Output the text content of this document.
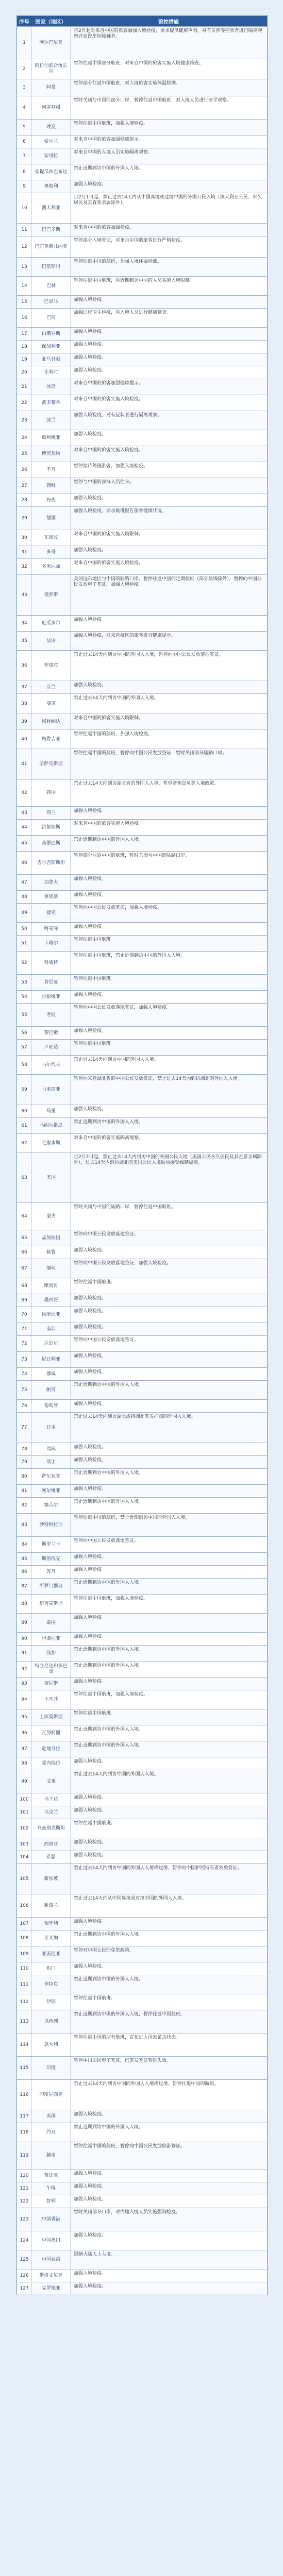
序号	国家（地区）	管控措施
1	阿尔巴尼亚
自2月起对来自中国的旅客加强入境检疫，要求提供健康声明，对有发热等症状者进行隔离观察并追踪密切接触者。
2
阿拉伯联合酋长国
暂停往返中国部分航班，对来自中国的旅客实施入境健康筛查。
3	阿曼
暂停部分往返中国航班，对入境旅客实施体温检测。
4	阿塞拜疆
暂时关闭与中国的部分口岸，暂停往返中国航班，对入境人员进行医学观察。
5	埃及
暂停往返中国航班，加强入境检疫。
6	爱尔兰	对来自中国的旅客加强健康提示。
7	安哥拉
对来自中国的入境人员实施隔离观察。
8	安提瓜和巴布达
禁止近期到访中国的外国人入境。
9	奥地利	加强入境检疫。
10	澳大利亚
自2月1日起，禁止过去14天内从中国离境或过境中国的外国公民入境（澳大利亚公民、永久居民及其直系亲属除外）。
11	巴巴多斯	对来自中国的旅客加强检疫。
12	巴布亚新几内亚
暂停部分入境签证，对来自中国的旅客进行严格检疫。
13	巴基斯坦
暂停往返中国的航班，加强入境体温检测。
14	巴林
暂停往返中国航班，对近期到访中国的人员实施入境限制。
15	巴拿马	加强入境检疫。
16	巴西
加强口岸卫生检疫，对入境人员进行健康筛查。
17	白俄罗斯	加强入境检疫。
18	保加利亚	加强入境检疫。
19	北马其顿	加强入境检疫。
20	比利时	加强入境检疫。
21	冰岛
对来自中国的旅客加强健康提示。
22	波多黎各
对来自中国的旅客实施入境检疫。
23	波兰
加强入境检疫，对有症状者进行隔离观察。
24	玻利维亚
加强入境检疫。
25	博茨瓦纳
对来自中国的旅客实施入境检疫。
26	不丹
暂停接待外国游客，加强入境检疫。
27	朝鲜
暂停与中国的部分人员往来。
28	丹麦	加强入境检疫。
29	德国
加强入境检疫，要求航班报告旅客健康状况。
30	东帝汶
对来自中国的旅客实施入境限制。
31	多哥	加强入境检疫。
32	多米尼加
对来自中国的旅客实施入境检疫。
33	俄罗斯
关闭远东地区与中国的陆路口岸，暂停往返中国的定期航班（部分航线除外），暂停向中国公民发放电子签证，加强入境检疫。
34	厄瓜多尔
加强入境检疫。
35	法国
加强入境检疫，对来自疫区的旅客进行健康提示。
36	菲律宾
禁止过去14天内到访中国的外国人入境，暂停向中国公民发放落地签证。
37	芬兰	加强入境检疫。
38	斐济
禁止过去14天内到访中国的外国人入境。
39	格林纳达
对来自中国的旅客实施入境限制。
40	格鲁吉亚
暂停往返中国的航班，加强入境检疫。
41	哈萨克斯坦
暂停往返中国的航班，暂停向中国公民发放签证，暂时关闭部分陆路口岸。
42	韩国
禁止过去14天内到访湖北省的外国人入境，暂停济州岛免签入境政策。
43	荷兰	加强入境检疫。
44	洪都拉斯
对来自中国的旅客实施入境检疫。
45	基里巴斯
禁止近期到访中国的外国人入境。
46	吉尔吉斯斯坦
暂停部分往返中国的航班，暂时关闭与中国的陆路口岸。
47	加拿大
加强入境检疫。
48	柬埔寨	加强入境检疫。
49	捷克
暂停向中国公民发放签证，加强入境检疫。
50	喀麦隆	加强入境检疫。
51	卡塔尔
暂停往返中国航班。
52	科威特
暂停往返中国航班，禁止近期到访中国的外国人入境。
53	肯尼亚
暂停往返中国航班。
54	拉脱维亚	加强入境检疫。
55	老挝
暂停向中国公民发放落地签证，加强入境检疫。
56	黎巴嫩	加强入境检疫。
57	卢旺达
暂停往返中国航班。
58	马尔代夫
禁止过去14天内到访中国的外国人入境。
59	马来西亚
暂停向来自湖北省的中国公民发放签证，禁止过去14天内到访湖北的外国人入境。
60	马里	加强入境检疫。
61	马绍尔群岛
禁止近期到访中国的外国人入境。
62	毛里求斯
对来自中国的旅客实施隔离观察。
63	美国
自2月2日起，禁止过去14天内到访中国的外国公民入境（美国公民永久居民及其直系亲属除外），过去14天内到访湖北的美国公民入境后须接受强制隔离。
64	蒙古
暂时关闭与中国的陆路口岸，暂停往返中国航班。
65	孟加拉国
暂停向中国公民发放落地签证。
66	秘鲁	加强入境检疫。
67	缅甸
暂停向中国公民发放落地签证，加强入境检疫。
68	摩洛哥
暂停往返中国航班。
69	墨西哥	加强入境检疫。
70	纳米比亚
加强入境检疫。
71	南非	加强入境检疫。
72	尼泊尔
暂停向中国公民发放落地签证。
73	尼日利亚
加强入境检疫。
74	挪威	加强入境检疫。
75	帕劳
禁止近期到访中国的外国人入境。
76	葡萄牙	加强入境检疫。
77	日本
禁止过去14天内到访湖北或持湖北签发护照的外国人入境。
78	瑞典	加强入境检疫。
79	瑞士	加强入境检疫。
80	萨尔瓦多
禁止近期到访中国的外国人入境。
81	塞尔维亚	加强入境检疫。
82	塞舌尔
禁止近期到访中国的外国人入境。
83	沙特阿拉伯
暂停往返中国的航班，禁止近期到访中国的外国人入境。
84	斯里兰卡
暂停向中国公民发放落地签证。
85	斯洛伐克	加强入境检疫。
86	苏丹	加强入境检疫。
87	所罗门群岛
禁止近期到访中国的外国人入境。
88	塔吉克斯坦
暂停往返中国航班，加强入境检疫。
89	泰国
加强入境检疫。
90	坦桑尼亚	加强入境检疫。
91	汤加
禁止近期到访中国的外国人入境。
92
特立尼达和多巴哥
禁止近期到访中国的外国人入境。
93	突尼斯	加强入境检疫。
94	土耳其
暂停往返中国航班，加强入境检疫。
95	土库曼斯坦
暂停往返中国航班。
96	瓦努阿图
禁止近期到访中国的外国人入境。
97	危地马拉
禁止近期到访中国的外国人入境。
98	委内瑞拉	加强入境检疫。
99	文莱
禁止过去14天内到访中国的外国人入境。
100	乌干达	加强入境检疫。
101	乌克兰	加强入境检疫。
102	乌兹别克斯坦
暂停往返中国航班。
103	西班牙	加强入境检疫。
104	希腊	加强入境检疫。
105	新加坡
禁止过去14天内到访中国的外国人入境或过境，暂停向中国护照持有者发放签证。
106	新西兰
禁止过去14天内从中国离境或过境中国的外国人入境。
107	匈牙利	加强入境检疫。
108	牙买加
禁止近期到访中国的外国人入境。
109	亚美尼亚
暂停对中国公民的免签政策。
110	也门	加强入境检疫。
111	伊拉克
禁止近期到访中国的外国人入境。
112	伊朗
暂停往返中国航班。
113	以色列
禁止近期到访中国的外国人入境，暂停往返中国航班。
114	意大利
暂停往返中国的所有航班，宣布进入国家紧急状态。
115	印度
暂停中国公民电子签证，已签发签证暂时失效。
116	印度尼西亚
禁止过去14天内到访中国的外国人入境或过境，暂停往返中国的航班。
117	英国	加强入境检疫。
118	约旦
禁止近期到访中国的外国人入境。
119	越南
暂停往返中国的航班，暂停向中国公民发放旅游签证。
120	赞比亚	加强入境检疫。
121	乍得	加强入境检疫。
122	智利	加强入境检疫。
123	中国香港
暂时关闭部分口岸，对内地入境人员实施强制检疫。
124	中国澳门
加强入境检疫。
125	中国台湾
限制大陆人士入境。
126	斯洛文尼亚	加强入境检疫。
127	克罗地亚	加强入境检疫。
